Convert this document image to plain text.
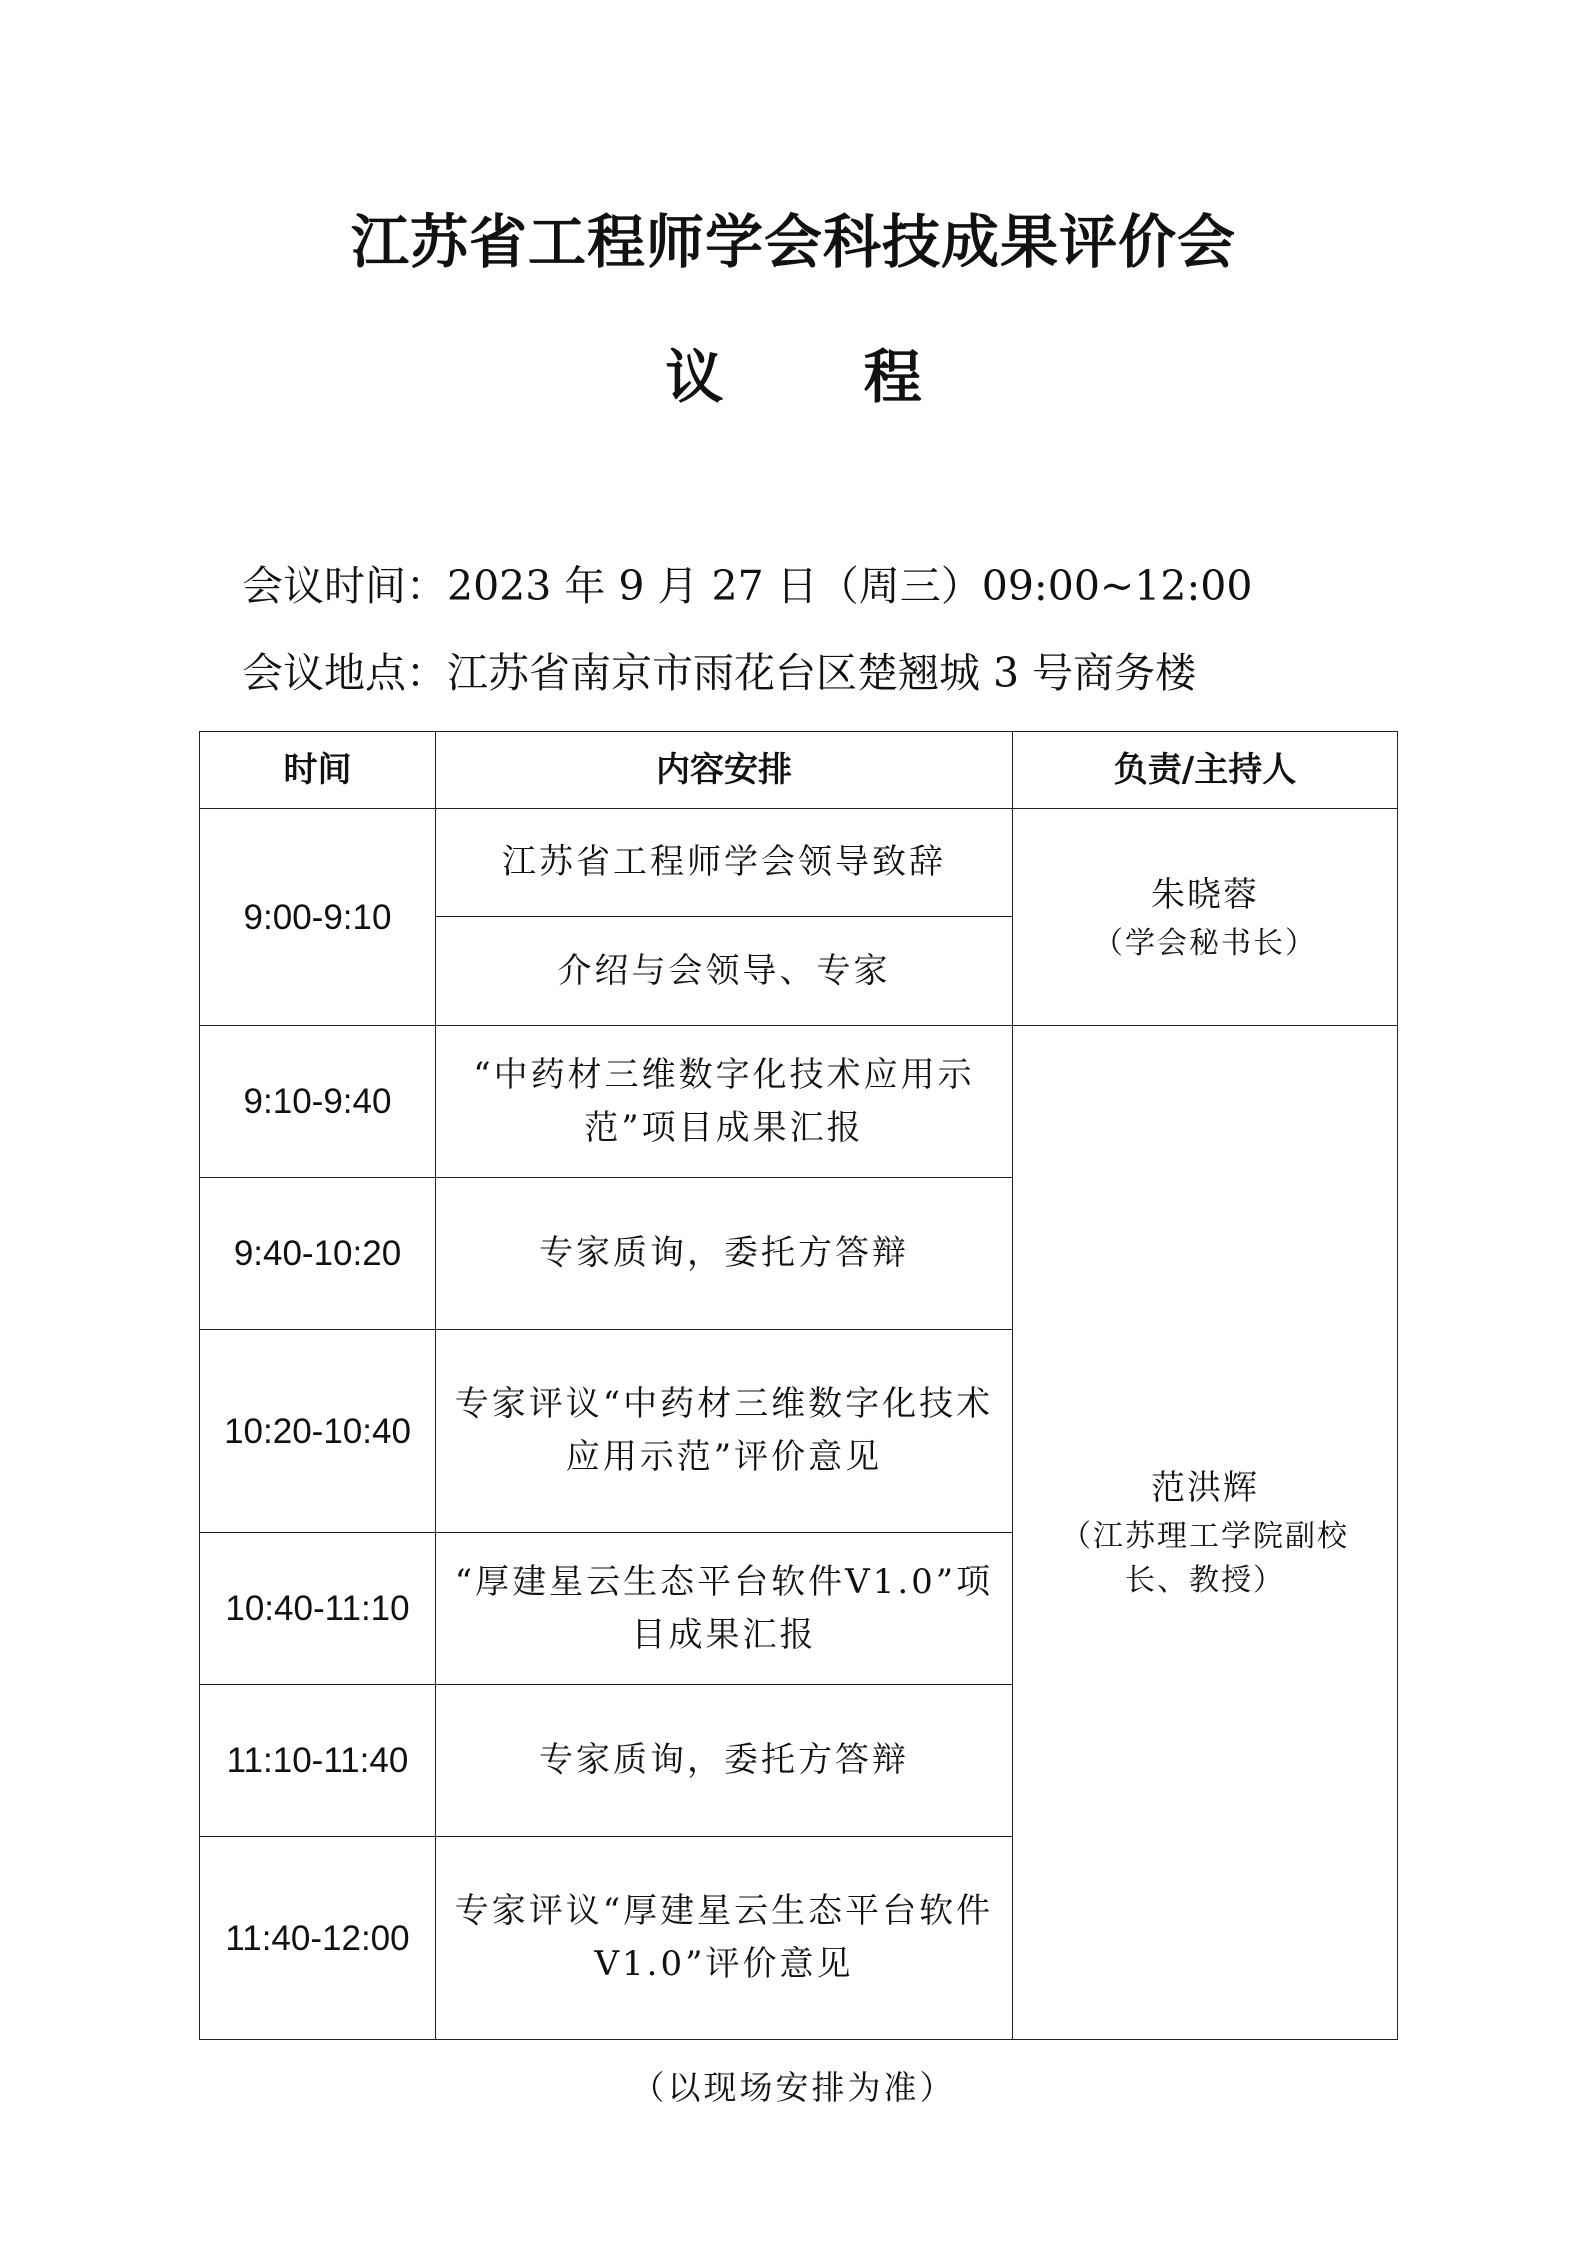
江苏省工程师学会科技成果评价会
议 程
会议时间：2023 年 9 月 27 日（周三）09:00~12:00
会议地点：江苏省南京市雨花台区楚翘城 3 号商务楼
时间	内容安排	负责/主持人
9:00-9:10	江苏省工程师学会领导致辞	朱晓蓉
（学会秘书长）

	介绍与会领导、专家	
9:10-9:40	“中药材三维数字化技术应用示范”项目成果汇报	范洪辉
（江苏理工学院副校长、教授）

9:40-10:20	专家质询，委托方答辩	
10:20-10:40	专家评议“中药材三维数字化技术应用示范”评价意见	
10:40-11:10	“厚建星云生态平台软件V1.0”项目成果汇报	
11:10-11:40	专家质询，委托方答辩	
11:40-12:00	专家评议“厚建星云生态平台软件V1.0”评价意见	
（以现场安排为准）
